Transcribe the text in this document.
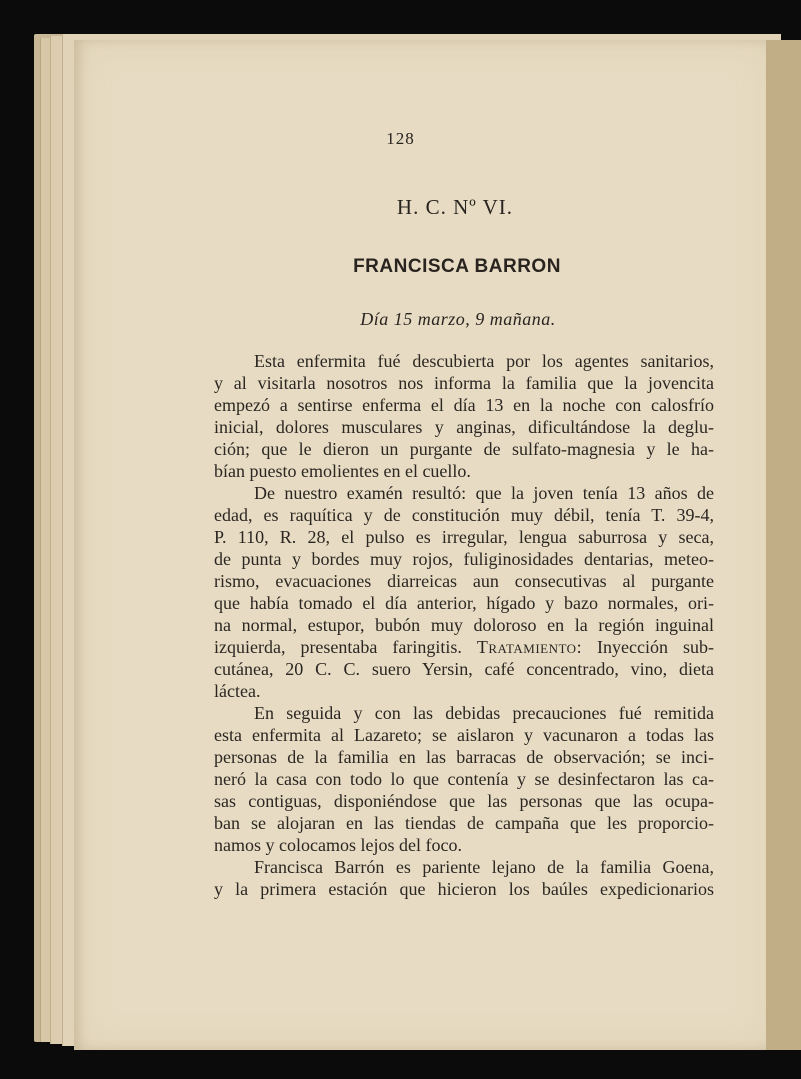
128
H. C. Nº VI.
FRANCISCA BARRON
Día 15 marzo, 9 mañana.
Esta enfermita fué descubierta por los agentes sanitarios,
y al visitarla nosotros nos informa la familia que la jovencita
empezó a sentirse enferma el día 13 en la noche con calosfrío
inicial, dolores musculares y anginas, dificultándose la deglu-
ción; que le dieron un purgante de sulfato-magnesia y le ha-
bían puesto emolientes en el cuello.
De nuestro examén resultó: que la joven tenía 13 años de
edad, es raquítica y de constitución muy débil, tenía T. 39-4,
P. 110, R. 28, el pulso es irregular, lengua saburrosa y seca,
de punta y bordes muy rojos, fuliginosidades dentarias, meteo-
rismo, evacuaciones diarreicas aun consecutivas al purgante
que había tomado el día anterior, hígado y bazo normales, ori-
na normal, estupor, bubón muy doloroso en la región inguinal
izquierda, presentaba faringitis. Tratamiento: Inyección sub-
cutánea, 20 C. C. suero Yersin, café concentrado, vino, dieta
láctea.
En seguida y con las debidas precauciones fué remitida
esta enfermita al Lazareto; se aislaron y vacunaron a todas las
personas de la familia en las barracas de observación; se inci-
neró la casa con todo lo que contenía y se desinfectaron las ca-
sas contiguas, disponiéndose que las personas que las ocupa-
ban se alojaran en las tiendas de campaña que les proporcio-
namos y colocamos lejos del foco.
Francisca Barrón es pariente lejano de la familia Goena,
y la primera estación que hicieron los baúles expedicionarios
